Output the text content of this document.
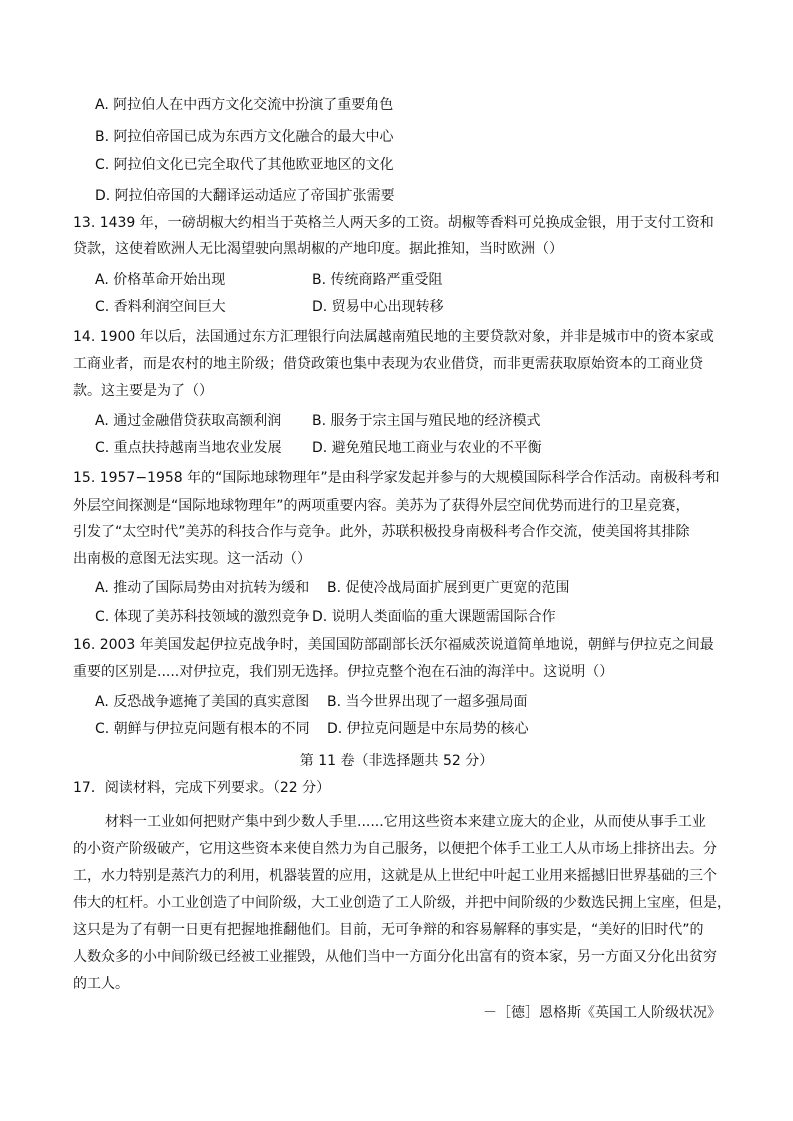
A. 阿拉伯人在中西方文化交流中扮演了重要角色
B. 阿拉伯帝国已成为东西方文化融合的最大中心
C. 阿拉伯文化已完全取代了其他欧亚地区的文化
D. 阿拉伯帝国的大翻译运动适应了帝国扩张需要
13. 1439 年，一磅胡椒大约相当于英格兰人两天多的工资。胡椒等香料可兑换成金银，用于支付工资和
贷款，这使着欧洲人无比渴望驶向黑胡椒的产地印度。据此推知，当时欧洲（）
A. 价格革命开始出现	B. 传统商路严重受阻
C. 香料利润空间巨大	D. 贸易中心出现转移
14. 1900 年以后，法国通过东方汇理银行向法属越南殖民地的主要贷款对象，并非是城市中的资本家或
工商业者，而是农村的地主阶级；借贷政策也集中表现为农业借贷，而非更需获取原始资本的工商业贷
款。这主要是为了（）
A. 通过金融借贷获取高额利润 B. 服务于宗主国与殖民地的经济模式
C. 重点扶持越南当地农业发展 D. 避免殖民地工商业与农业的不平衡
15. 1957−1958 年的“国际地球物理年”是由科学家发起并参与的大规模国际科学合作活动。南极科考和
外层空间探测是“国际地球物理年”的两项重要内容。美苏为了获得外层空间优势而进行的卫星竞赛，
引发了“太空时代”美苏的科技合作与竞争。此外，苏联积极投身南极科考合作交流，使美国将其排除
出南极的意图无法实现。这一活动（）
A. 推动了国际局势由对抗转为缓和 B. 促使冷战局面扩展到更广更宽的范围
C. 体现了美苏科技领域的激烈竞争 D. 说明人类面临的重大课题需国际合作
16. 2003 年美国发起伊拉克战争时，美国国防部副部长沃尔福威茨说道简单地说，朝鲜与伊拉克之间最
重要的区别是.....对伊拉克，我们别无选择。伊拉克整个泡在石油的海洋中。这说明（）
A. 反恐战争遮掩了美国的真实意图 B. 当今世界出现了一超多强局面
C. 朝鲜与伊拉克问题有根本的不同 D. 伊拉克问题是中东局势的核心
第 11 卷（非选择题共 52 分）
17．阅读材料，完成下列要求。（22 分）
材料一工业如何把财产集中到少数人手里......它用这些资本来建立庞大的企业，从而使从事手工业
的小资产阶级破产，它用这些资本来使自然力为自己服务，以便把个体手工业工人从市场上排挤出去。分
工，水力特别是蒸汽力的利用，机器装置的应用，这就是从上世纪中叶起工业用来摇撼旧世界基础的三个
伟大的杠杆。小工业创造了中间阶级，大工业创造了工人阶级，并把中间阶级的少数选民拥上宝座，但是，
这只是为了有朝一日更有把握地推翻他们。目前，无可争辩的和容易解释的事实是，“美好的旧时代”的
人数众多的小中间阶级已经被工业摧毁，从他们当中一方面分化出富有的资本家，另一方面又分化出贫穷
的工人。
－［德］恩格斯《英国工人阶级状况》
